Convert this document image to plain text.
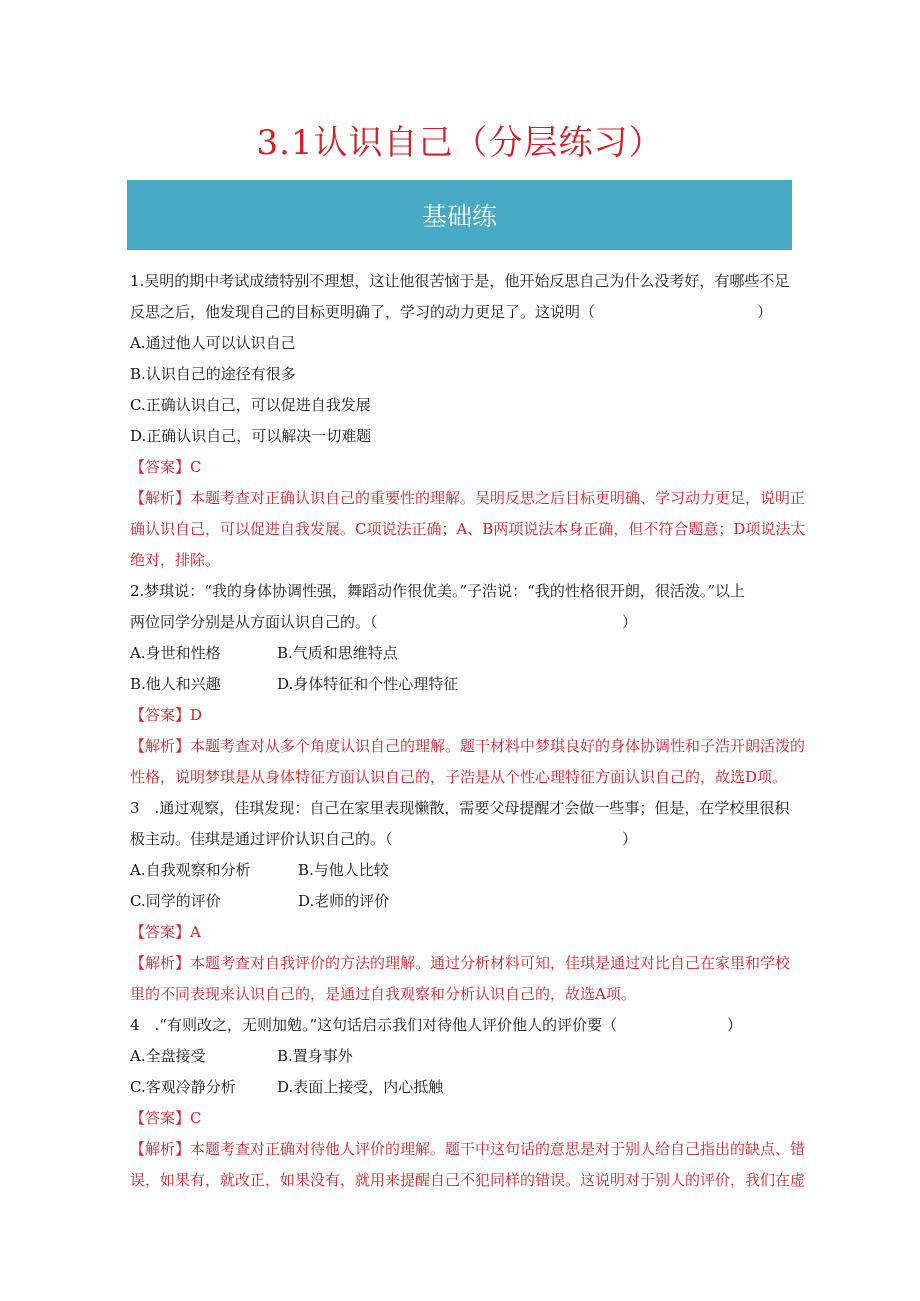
3.1认识自己（分层练习）
基础练
1.吴明的期中考试成绩特别不理想，这让他很苦恼于是，他开始反思自己为什么没考好，有哪些不足
反思之后，他发现自己的目标更明确了，学习的动力更足了。这说明（	）
A.通过他人可以认识自己
B.认识自己的途径有很多
C.正确认识自己，可以促进自我发展
D.正确认识自己，可以解决一切难题
【答案】C
【解析】本题考查对正确认识自己的重要性的理解。吴明反思之后目标更明确、学习动力更足，说明正
确认识自己，可以促进自我发展。C项说法正确；A、B两项说法本身正确，但不符合题意；D项说法太
绝对，排除。
2.梦琪说：“我的身体协调性强，舞蹈动作很优美。”子浩说：“我的性格很开朗，很活泼。”以上
两位同学分别是从方面认识自己的。（	）
A.身世和性格	B.气质和思维特点
B.他人和兴趣	D.身体特征和个性心理特征
【答案】D
【解析】本题考查对从多个角度认识自己的理解。题干材料中梦琪良好的身体协调性和子浩开朗活泼的
性格，说明梦琪是从身体特征方面认识自己的，子浩是从个性心理特征方面认识自己的，故选D项。
3　.通过观察，佳琪发现：自己在家里表现懒散，需要父母提醒才会做一些事；但是，在学校里很积
极主动。佳琪是通过评价认识自己的。（	）
A.自我观察和分析	B.与他人比较
C.同学的评价	D.老师的评价
【答案】A
【解析】本题考查对自我评价的方法的理解。通过分析材料可知，佳琪是通过对比自己在家里和学校
里的不同表现来认识自己的，是通过自我观察和分析认识自己的，故选A项。
4　.“有则改之，无则加勉。”这句话启示我们对待他人评价他人的评价要（	）
A.全盘接受	B.置身事外
C.客观冷静分析	D.表面上接受，内心抵触
【答案】C
【解析】本题考查对正确对待他人评价的理解。题干中这句话的意思是对于别人给自己指出的缺点、错
误，如果有，就改正，如果没有，就用来提醒自己不犯同样的错误。这说明对于别人的评价，我们在虚
